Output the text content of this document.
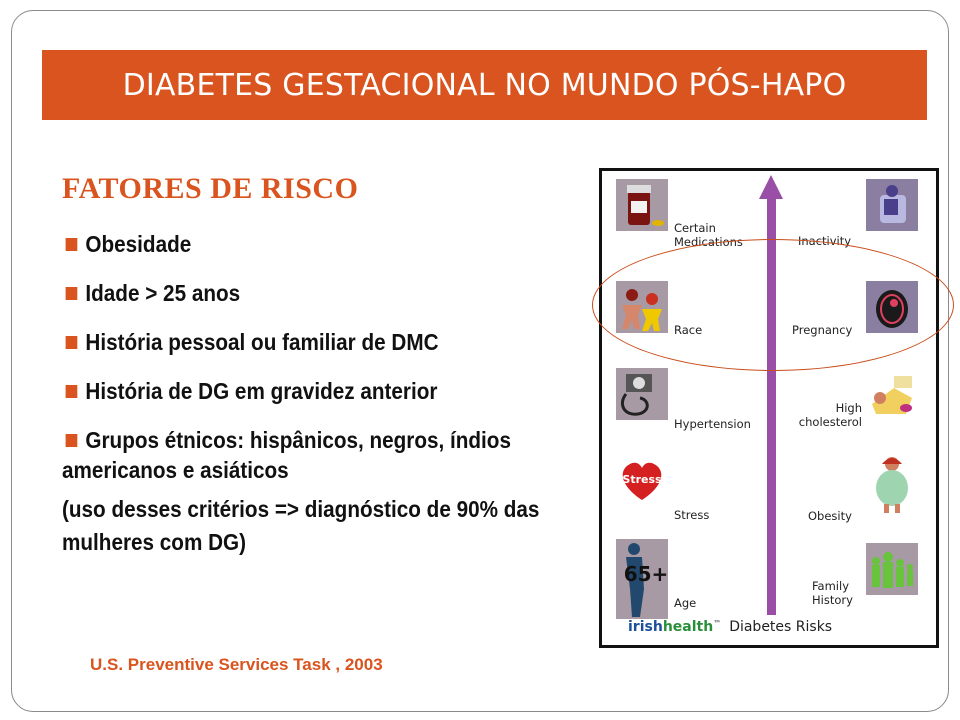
DIABETES GESTACIONAL NO MUNDO PÓS-HAPO
FATORES DE RISCO
Obesidade
Idade > 25 anos
História pessoal ou familiar de DMC
História de DG em gravidez anterior
Grupos étnicos: hispânicos, negros, índios americanos e asiáticos
(uso desses critérios => diagnóstico de 90% das mulheres com DG)
U.S. Preventive Services Task , 2003
Certain Medications
Race
Hypertension
Stress
Stress
65+
Age
Inactivity
Pregnancy
High cholesterol
Obesity
Family History
irishhealth™ Diabetes Risks
